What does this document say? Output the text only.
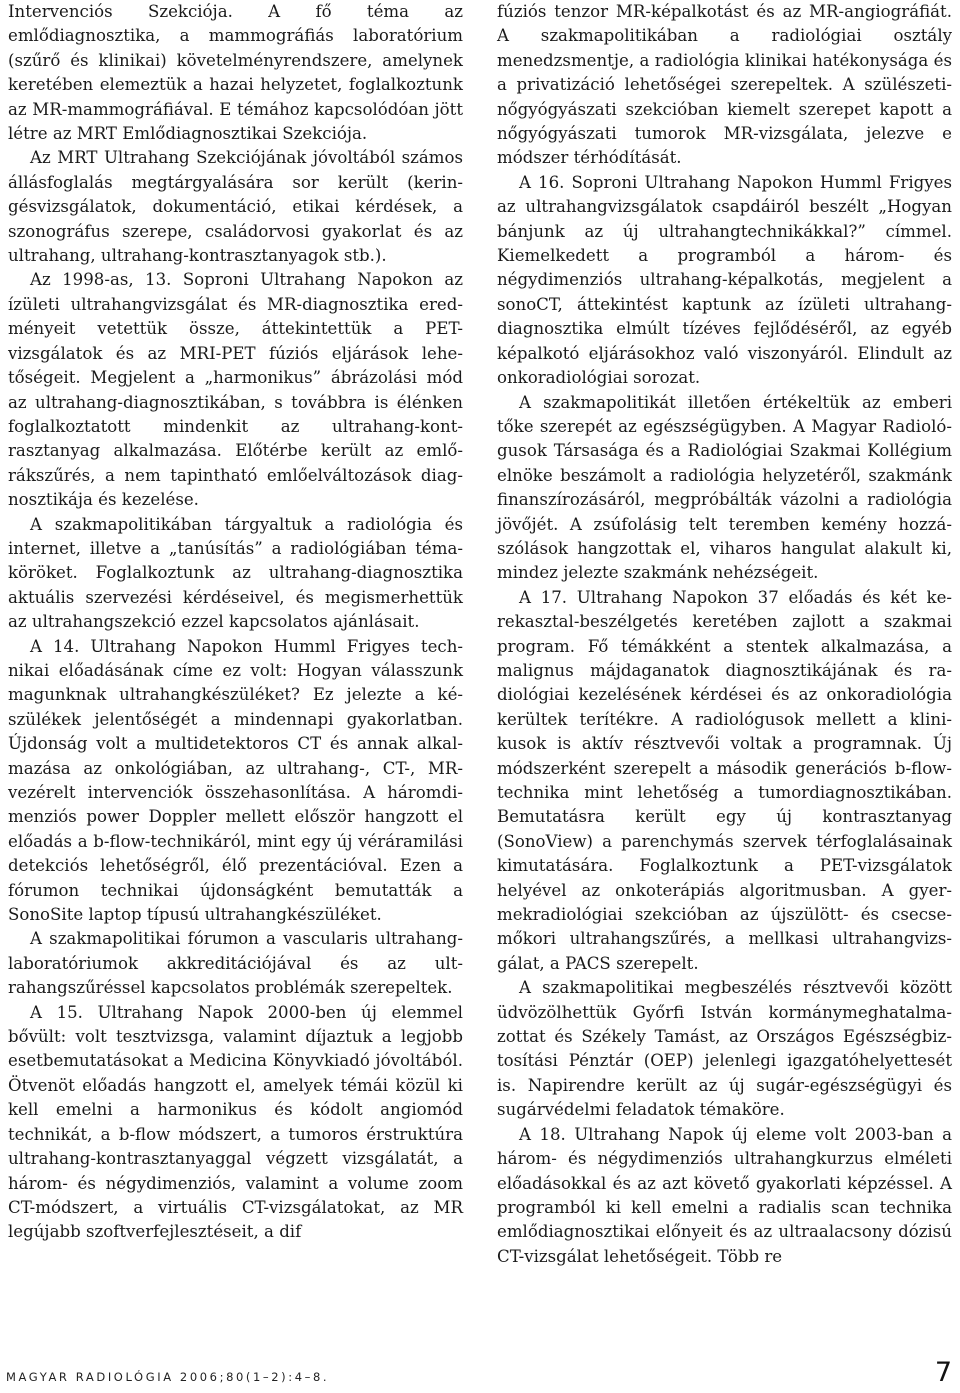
Intervenciós Szekciója. A fő téma az emlődiagnosztika, a mammográfiás laboratórium (szűrő és klinikai) követelményrendszere, amelynek keretében elemeztük a hazai helyzetet, foglalkoztunk az MR-mammográfiával. E témához kapcsolódóan jött létre az MRT Emlődiagnosztikai Szekciója.

Az MRT Ultrahang Szekciójának jóvoltából számos állásfoglalás megtárgyalására sor került (keringésvizsgálatok, dokumentáció, etikai kérdések, a szonográfus szerepe, családorvosi gyakorlat és az ultrahang, ultrahang-kontrasztanyagok stb.).

Az 1998-as, 13. Soproni Ultrahang Napokon az ízületi ultrahangvizsgálat és MR-diagnosztika eredményeit vetettük össze, áttekintettük a PET-vizsgálatok és az MRI-PET fúziós eljárások lehetőségeit. Megjelent a „harmonikus” ábrázolási mód az ultrahang-diagnosztikában, s továbbra is élénken foglalkoztatott mindenkit az ultrahang-kontrasztanyag alkalmazása. Előtérbe került az emlőrákszűrés, a nem tapintható emlőelváltozások diagnosztikája és kezelése.

A szakmapolitikában tárgyaltuk a radiológia és internet, illetve a „tanúsítás” a radiológiában témaköröket. Foglalkoztunk az ultrahang-diagnosztika aktuális szervezési kérdéseivel, és megismerhettük az ultrahangszekció ezzel kapcsolatos ajánlásait.

A 14. Ultrahang Napokon Humml Frigyes technikai előadásának címe ez volt: Hogyan válasszunk magunknak ultrahangkészüléket? Ez jelezte a készülékek jelentőségét a mindennapi gyakorlatban. Újdonság volt a multidetektoros CT és annak alkalmazása az onkológiában, az ultrahang-, CT-, MR-vezérelt intervenciók összehasonlítása. A háromdimenziós power Doppler mellett először hangzott el előadás a b-flow-technikáról, mint egy új véráramilási detekciós lehetőségről, élő prezentációval. Ezen a fórumon technikai újdonságként bemutatták a SonoSite laptop típusú ultrahangkészüléket.

A szakmapolitikai fórumon a vascularis ultrahang-laboratóriumok akkreditációjával és az ultrahangszűréssel kapcsolatos problémák szerepeltek.

A 15. Ultrahang Napok 2000-ben új elemmel bővült: volt tesztvizsga, valamint díjaztuk a legjobb esetbemutatásokat a Medicina Könyvkiadó jóvoltából. Ötvenöt előadás hangzott el, amelyek témái közül ki kell emelni a harmonikus és kódolt angiomód technikát, a b-flow módszert, a tumoros érstruktúra ultrahang-kontrasztanyaggal végzett vizsgálatát, a három- és négydimenziós, valamint a volume zoom CT-módszert, a virtuális CT-vizsgálatokat, az MR legújabb szoftverfejlesztéseit, a dif

fúziós tenzor MR-képalkotást és az MR-angiográfiát. A szakmapolitikában a radiológiai osztály menedzsmentje, a radiológia klinikai hatékonysága és a privatizáció lehetőségei szerepeltek. A szülészeti-nőgyógyászati szekcióban kiemelt szerepet kapott a nőgyógyászati tumorok MR-vizsgálata, jelezve e módszer térhódítását.

A 16. Soproni Ultrahang Napokon Humml Frigyes az ultrahangvizsgálatok csapdáiról beszélt „Hogyan bánjunk az új ultrahangtechnikákkal?” címmel. Kiemelkedett a programból a három- és négydimenziós ultrahang-képalkotás, megjelent a sonoCT, áttekintést kaptunk az ízületi ultrahang-diagnosztika elmúlt tízéves fejlődéséről, az egyéb képalkotó eljárásokhoz való viszonyáról. Elindult az onkoradiológiai sorozat.

A szakmapolitikát illetően értékeltük az emberi tőke szerepét az egészségügyben. A Magyar Radiológusok Társasága és a Radiológiai Szakmai Kollégium elnöke beszámolt a radiológia helyzetéről, szakmánk finanszírozásáról, megpróbálták vázolni a radiológia jövőjét. A zsúfolásig telt teremben kemény hozzászólások hangzottak el, viharos hangulat alakult ki, mindez jelezte szakmánk nehézségeit.

A 17. Ultrahang Napokon 37 előadás és két kerekasztal-beszélgetés keretében zajlott a szakmai program. Fő témákként a stentek alkalmazása, a malignus májdaganatok diagnosztikájának és radiológiai kezelésének kérdései és az onkoradiológia kerültek terítékre. A radiológusok mellett a klinikusok is aktív résztvevői voltak a programnak. Új módszerként szerepelt a második generációs b-flow-technika mint lehetőség a tumordiagnosztikában. Bemutatásra került egy új kontrasztanyag (SonoView) a parenchymás szervek térfoglalásainak kimutatására. Foglalkoztunk a PET-vizsgálatok helyével az onkoterápiás algoritmusban. A gyermekradiológiai szekcióban az újszülött- és csecsemőkori ultrahangszűrés, a mellkasi ultrahangvizsgálat, a PACS szerepelt.

A szakmapolitikai megbeszélés résztvevői között üdvözölhettük Győrfi István kormánymeghatalmazottat és Székely Tamást, az Országos Egészségbiztosítási Pénztár (OEP) jelenlegi igazgatóhelyettesét is. Napirendre került az új sugár-egészségügyi és sugárvédelmi feladatok témaköre.

A 18. Ultrahang Napok új eleme volt 2003-ban a három- és négydimenziós ultrahangkurzus elméleti előadásokkal és az azt követő gyakorlati képzéssel. A programból ki kell emelni a radialis scan technika emlődiagnosztikai előnyeit és az ultraalacsony dózisú CT-vizsgálat lehetőségeit. Több re

MAGYAR RADIOLÓGIA 2006;80(1–2):4–8.	7
